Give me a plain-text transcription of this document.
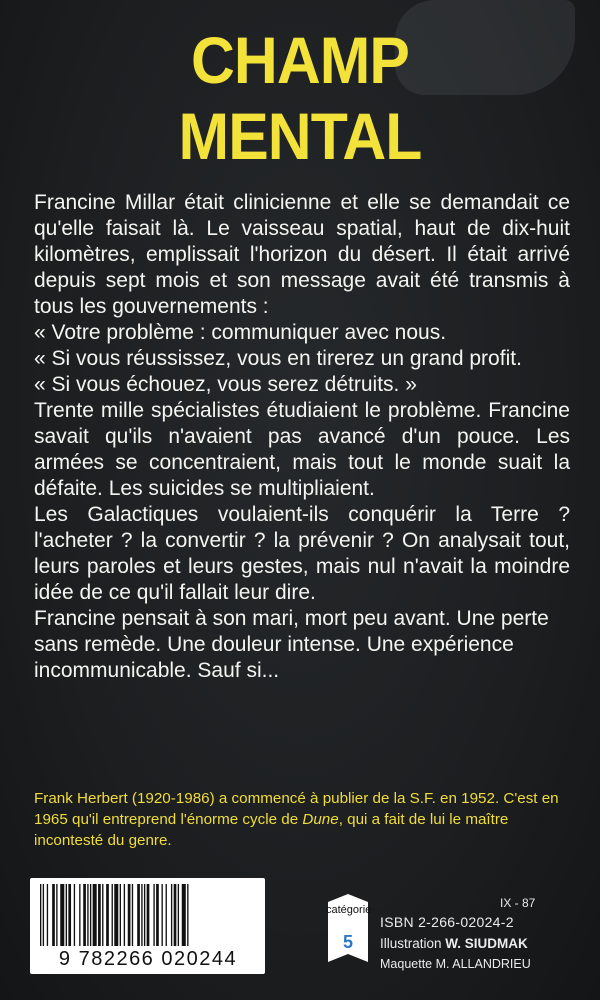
CHAMP
MENTAL

Francine Millar était clinicienne et elle se demandait ce qu'elle faisait là. Le vaisseau spatial, haut de dix-huit kilomètres, emplissait l'horizon du désert. Il était arrivé depuis sept mois et son message avait été transmis à tous les gouvernements :

« Votre problème : communiquer avec nous.

« Si vous réussissez, vous en tirerez un grand profit.

« Si vous échouez, vous serez détruits. »

Trente mille spécialistes étudiaient le problème. Francine savait qu'ils n'avaient pas avancé d'un pouce. Les armées se concentraient, mais tout le monde suait la défaite. Les suicides se multipliaient.

Les Galactiques voulaient-ils conquérir la Terre ? l'acheter ? la convertir ? la prévenir ? On analysait tout, leurs paroles et leurs gestes, mais nul n'avait la moindre idée de ce qu'il fallait leur dire.

Francine pensait à son mari, mort peu avant. Une perte sans remède. Une douleur intense. Une expérience incommunicable. Sauf si...

Frank Herbert (1920-1986) a commencé à publier de la S.F. en 1952. C'est en 1965 qu'il entreprend l'énorme cycle de Dune, qui a fait de lui le maître incontesté du genre.
9 782266 020244
catégorie
5
IX - 87
ISBN 2-266-02024-2
Illustration W. SIUDMAK
Maquette M. ALLANDRIEU
